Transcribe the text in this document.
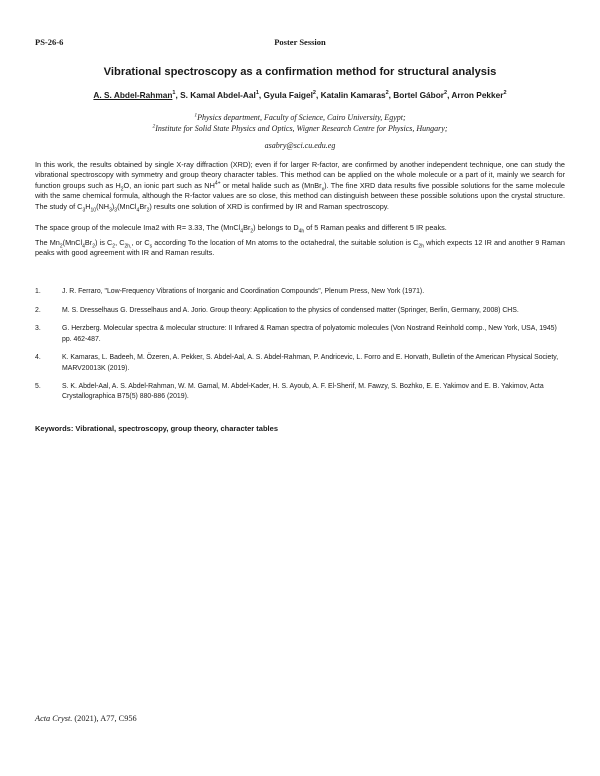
PS-26-6	Poster Session
Vibrational spectroscopy as a confirmation method for structural analysis
A. S. Abdel-Rahman$^1$, S. Kamal Abdel-Aal$^1$, Gyula Faigel$^2$, Katalin Kamaras$^2$, Bortel Gábor$^2$, Arron Pekker$^2$
$^1$Physics department, Faculty of Science, Cairo University, Egypt;
$^2$Institute for Solid State Physics and Optics, Wigner Research Centre for Physics, Hungary;
asabry@sci.cu.edu.eg
In this work, the results obtained by single X-ray diffraction (XRD); even if for larger R-factor, are confirmed by another independent technique, one can study the vibrational spectroscopy with symmetry and group theory character tables. This method can be applied on the whole molecule or a part of it, mainly we search for function groups such as $H_2O$, an ionic part such as $NH^{4+}$ or metal halide such as (MnBr$_x$). The fine XRD data results five possible solutions for the same molecule with the same chemical formula, although the R-factor values are so close, this method can distinguish between these possible solutions upon the crystal structure. The study of $C_3H_{10}(NH_3)_3(MnCl_4Br_2)$ results one solution of XRD is confirmed by IR and Raman spectroscopy.
The space group of the molecule Ima2 with R= 3.33, The $(MnCl_4Br_2)$ belongs to $D_{4h}$ of 5 Raman peaks and different 5 IR peaks.
The $Mn_2(MnCl_4Br_2)$ is $C_2$, $C_{2h,}$, or $C_s$ according To the location of Mn atoms to the octahedral, the suitable solution is $C_{2h}$ which expects 12 IR and another 9 Raman peaks with good agreement with IR and Raman results.
1.	J. R. Ferraro, "Low-Frequency Vibrations of Inorganic and Coordination Compounds", Plenum Press, New York (1971).
2.	M. S. Dresselhaus G. Dresselhaus and A. Jorio. Group theory: Application to the physics of condensed matter (Springer, Berlin, Germany, 2008) CHS.
3.	G. Herzberg. Molecular spectra & molecular structure: II Infrared & Raman spectra of polyatomic molecules (Von Nostrand Reinhold comp., New York, USA, 1945) pp. 462-487.
4.	K. Kamaras, L. Badeeh, M. Özeren, A. Pekker, S. Abdel-Aal, A. S. Abdel-Rahman, P. Andricevic, L. Forro and E. Horvath, Bulletin of the American Physical Society, MARV20013K (2019).
5.	S. K. Abdel-Aal, A. S. Abdel-Rahman, W. M. Gamal, M. Abdel-Kader, H. S. Ayoub, A. F. El-Sherif, M. Fawzy, S. Bozhko, E. E. Yakimov and E. B. Yakimov, Acta Crystallographica B75(5) 880-886 (2019).
Keywords: Vibrational, spectroscopy, group theory, character tables
Acta Cryst. (2021), A77, C956
